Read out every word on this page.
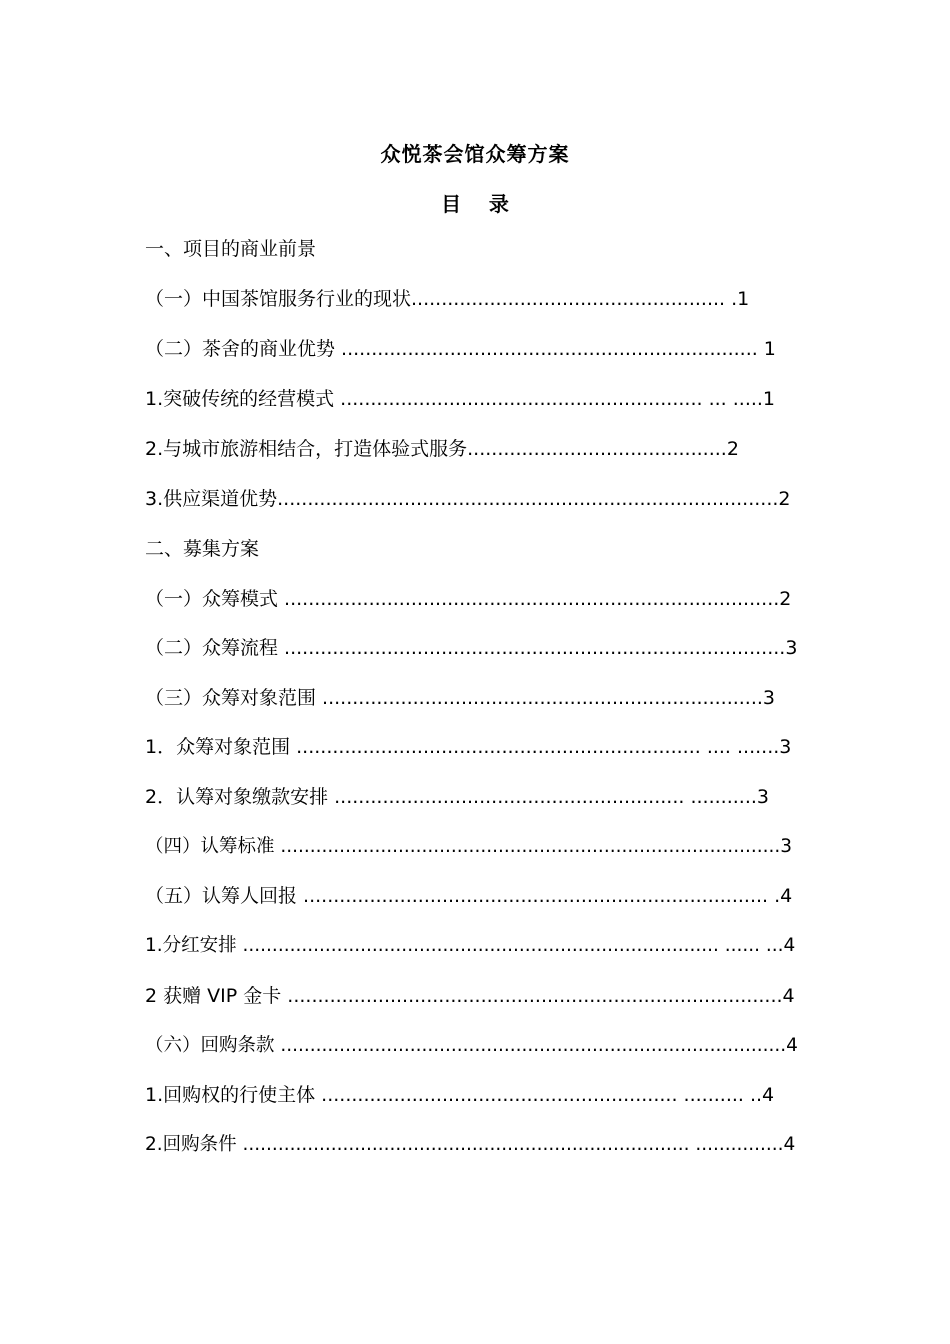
众悦茶会馆众筹方案
目    录
一、项目的商业前景
（一）中国茶馆服务行业的现状.................................................... .1
（二）茶舍的商业优势 ..................................................................... 1
1.突破传统的经营模式 ............................................................ ... .....1
2.与城市旅游相结合，打造体验式服务...........................................2
3.供应渠道优势...................................................................................2
二、募集方案
（一）众筹模式 ..................................................................................2
（二）众筹流程 ...................................................................................3
（三）众筹对象范围 .........................................................................3
1．众筹对象范围 ................................................................... .... .......3
2．认筹对象缴款安排 .......................................................... ...........3
（四）认筹标准 .....................................................................................3
（五）认筹人回报 ............................................................................. .4
1.分红安排 ................................................................................. ...... ...4
2 获赠 VIP 金卡 ..................................................................................4
（六）回购条款 ......................................................................................4
1.回购权的行使主体 ........................................................... .......... ..4
2.回购条件 ............................................................................ ...............4
